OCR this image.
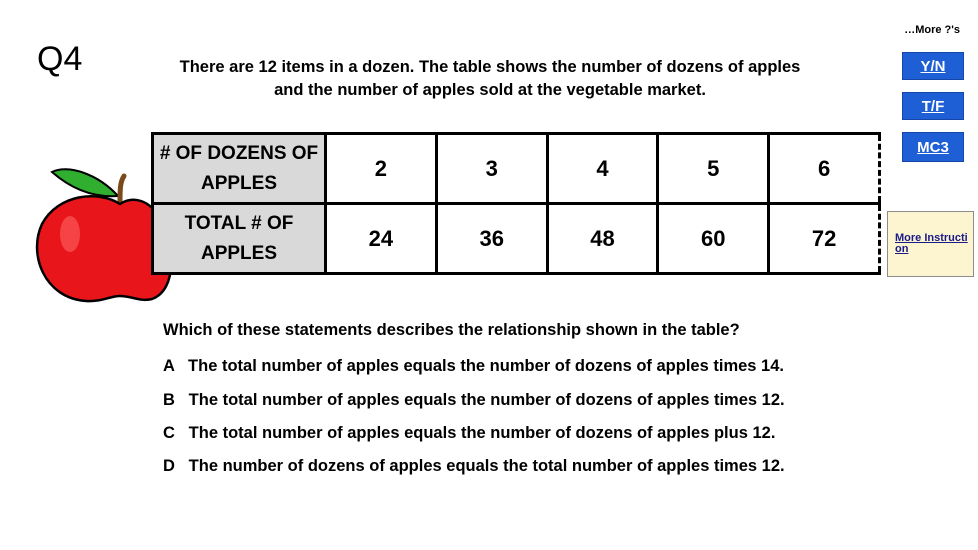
Q4	There are 12 items in a dozen. The table shows the number of dozens of apples and the number of apples sold at the vegetable market.
…More ?'s
Y/N
T/F
MC3
More Instruction
# OF DOZENS OF APPLES	2	3	4	5	6
TOTAL # OF APPLES	24	36	48	60	72
Which of these statements describes the relationship shown in the table?
A   The total number of apples equals the number of dozens of apples times 14.
B   The total number of apples equals the number of dozens of apples times 12.
C   The total number of apples equals the number of dozens of apples plus 12.
D   The number of dozens of apples equals the total number of apples times 12.
